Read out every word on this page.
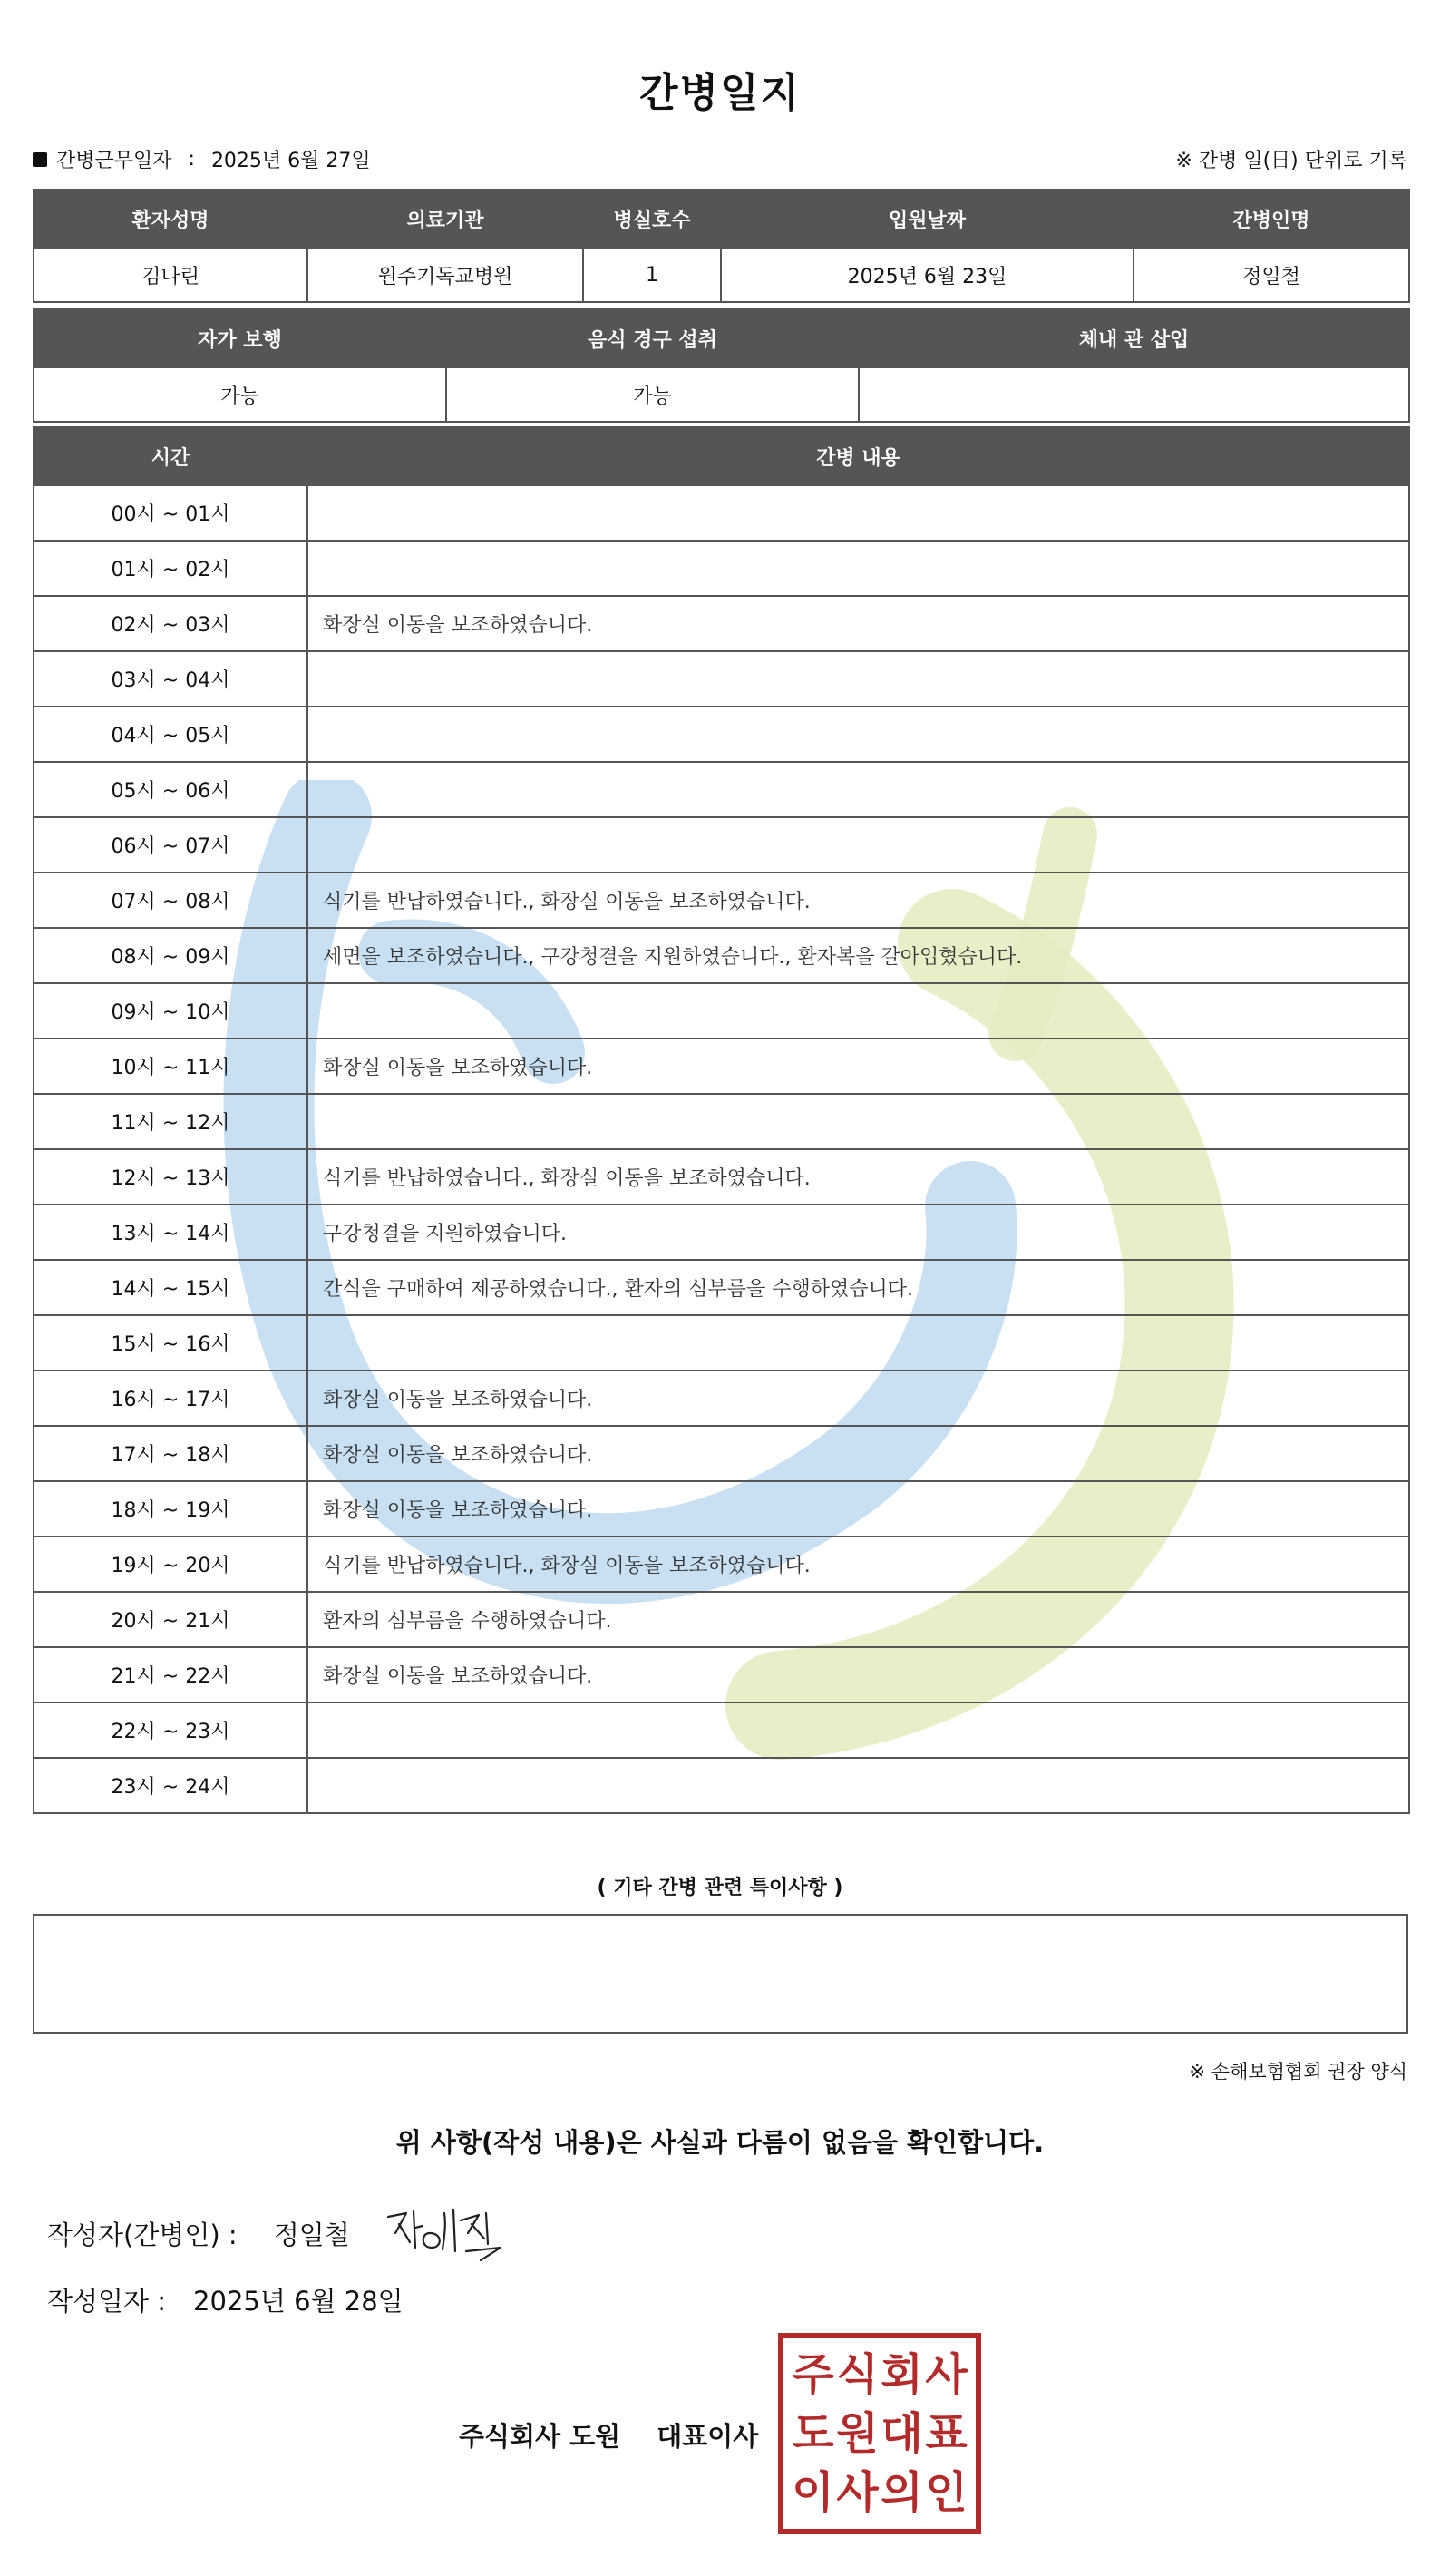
간병일지
간병근무일자 : 2025년 6월 27일	※ 간병 일(日) 단위로 기록
환자성명	의료기관	병실호수	입원날짜	간병인명
김나린	원주기독교병원	1	2025년 6월 23일	정일철
자가 보행	음식 경구 섭취	체내 관 삽입
가능	가능	
시간	간병 내용
00시 ~ 01시	
01시 ~ 02시	
02시 ~ 03시	화장실 이동을 보조하였습니다.
03시 ~ 04시	
04시 ~ 05시	
05시 ~ 06시	
06시 ~ 07시	
07시 ~ 08시	식기를 반납하였습니다., 화장실 이동을 보조하였습니다.
08시 ~ 09시	세면을 보조하였습니다., 구강청결을 지원하였습니다., 환자복을 갈아입혔습니다.
09시 ~ 10시	
10시 ~ 11시	화장실 이동을 보조하였습니다.
11시 ~ 12시	
12시 ~ 13시	식기를 반납하였습니다., 화장실 이동을 보조하였습니다.
13시 ~ 14시	구강청결을 지원하였습니다.
14시 ~ 15시	간식을 구매하여 제공하였습니다., 환자의 심부름을 수행하였습니다.
15시 ~ 16시	
16시 ~ 17시	화장실 이동을 보조하였습니다.
17시 ~ 18시	화장실 이동을 보조하였습니다.
18시 ~ 19시	화장실 이동을 보조하였습니다.
19시 ~ 20시	식기를 반납하였습니다., 화장실 이동을 보조하였습니다.
20시 ~ 21시	환자의 심부름을 수행하였습니다.
21시 ~ 22시	화장실 이동을 보조하였습니다.
22시 ~ 23시	
23시 ~ 24시	
( 기타 간병 관련 특이사항 )
※ 손해보험협회 권장 양식
위 사항(작성 내용)은 사실과 다름이 없음을 확인합니다.
작성자(간병인) : 정일철
작성일자 : 2025년 6월 28일
주식회사 도원 대표이사
주 식 회 사
도 원 대 표
이 사 의 인
